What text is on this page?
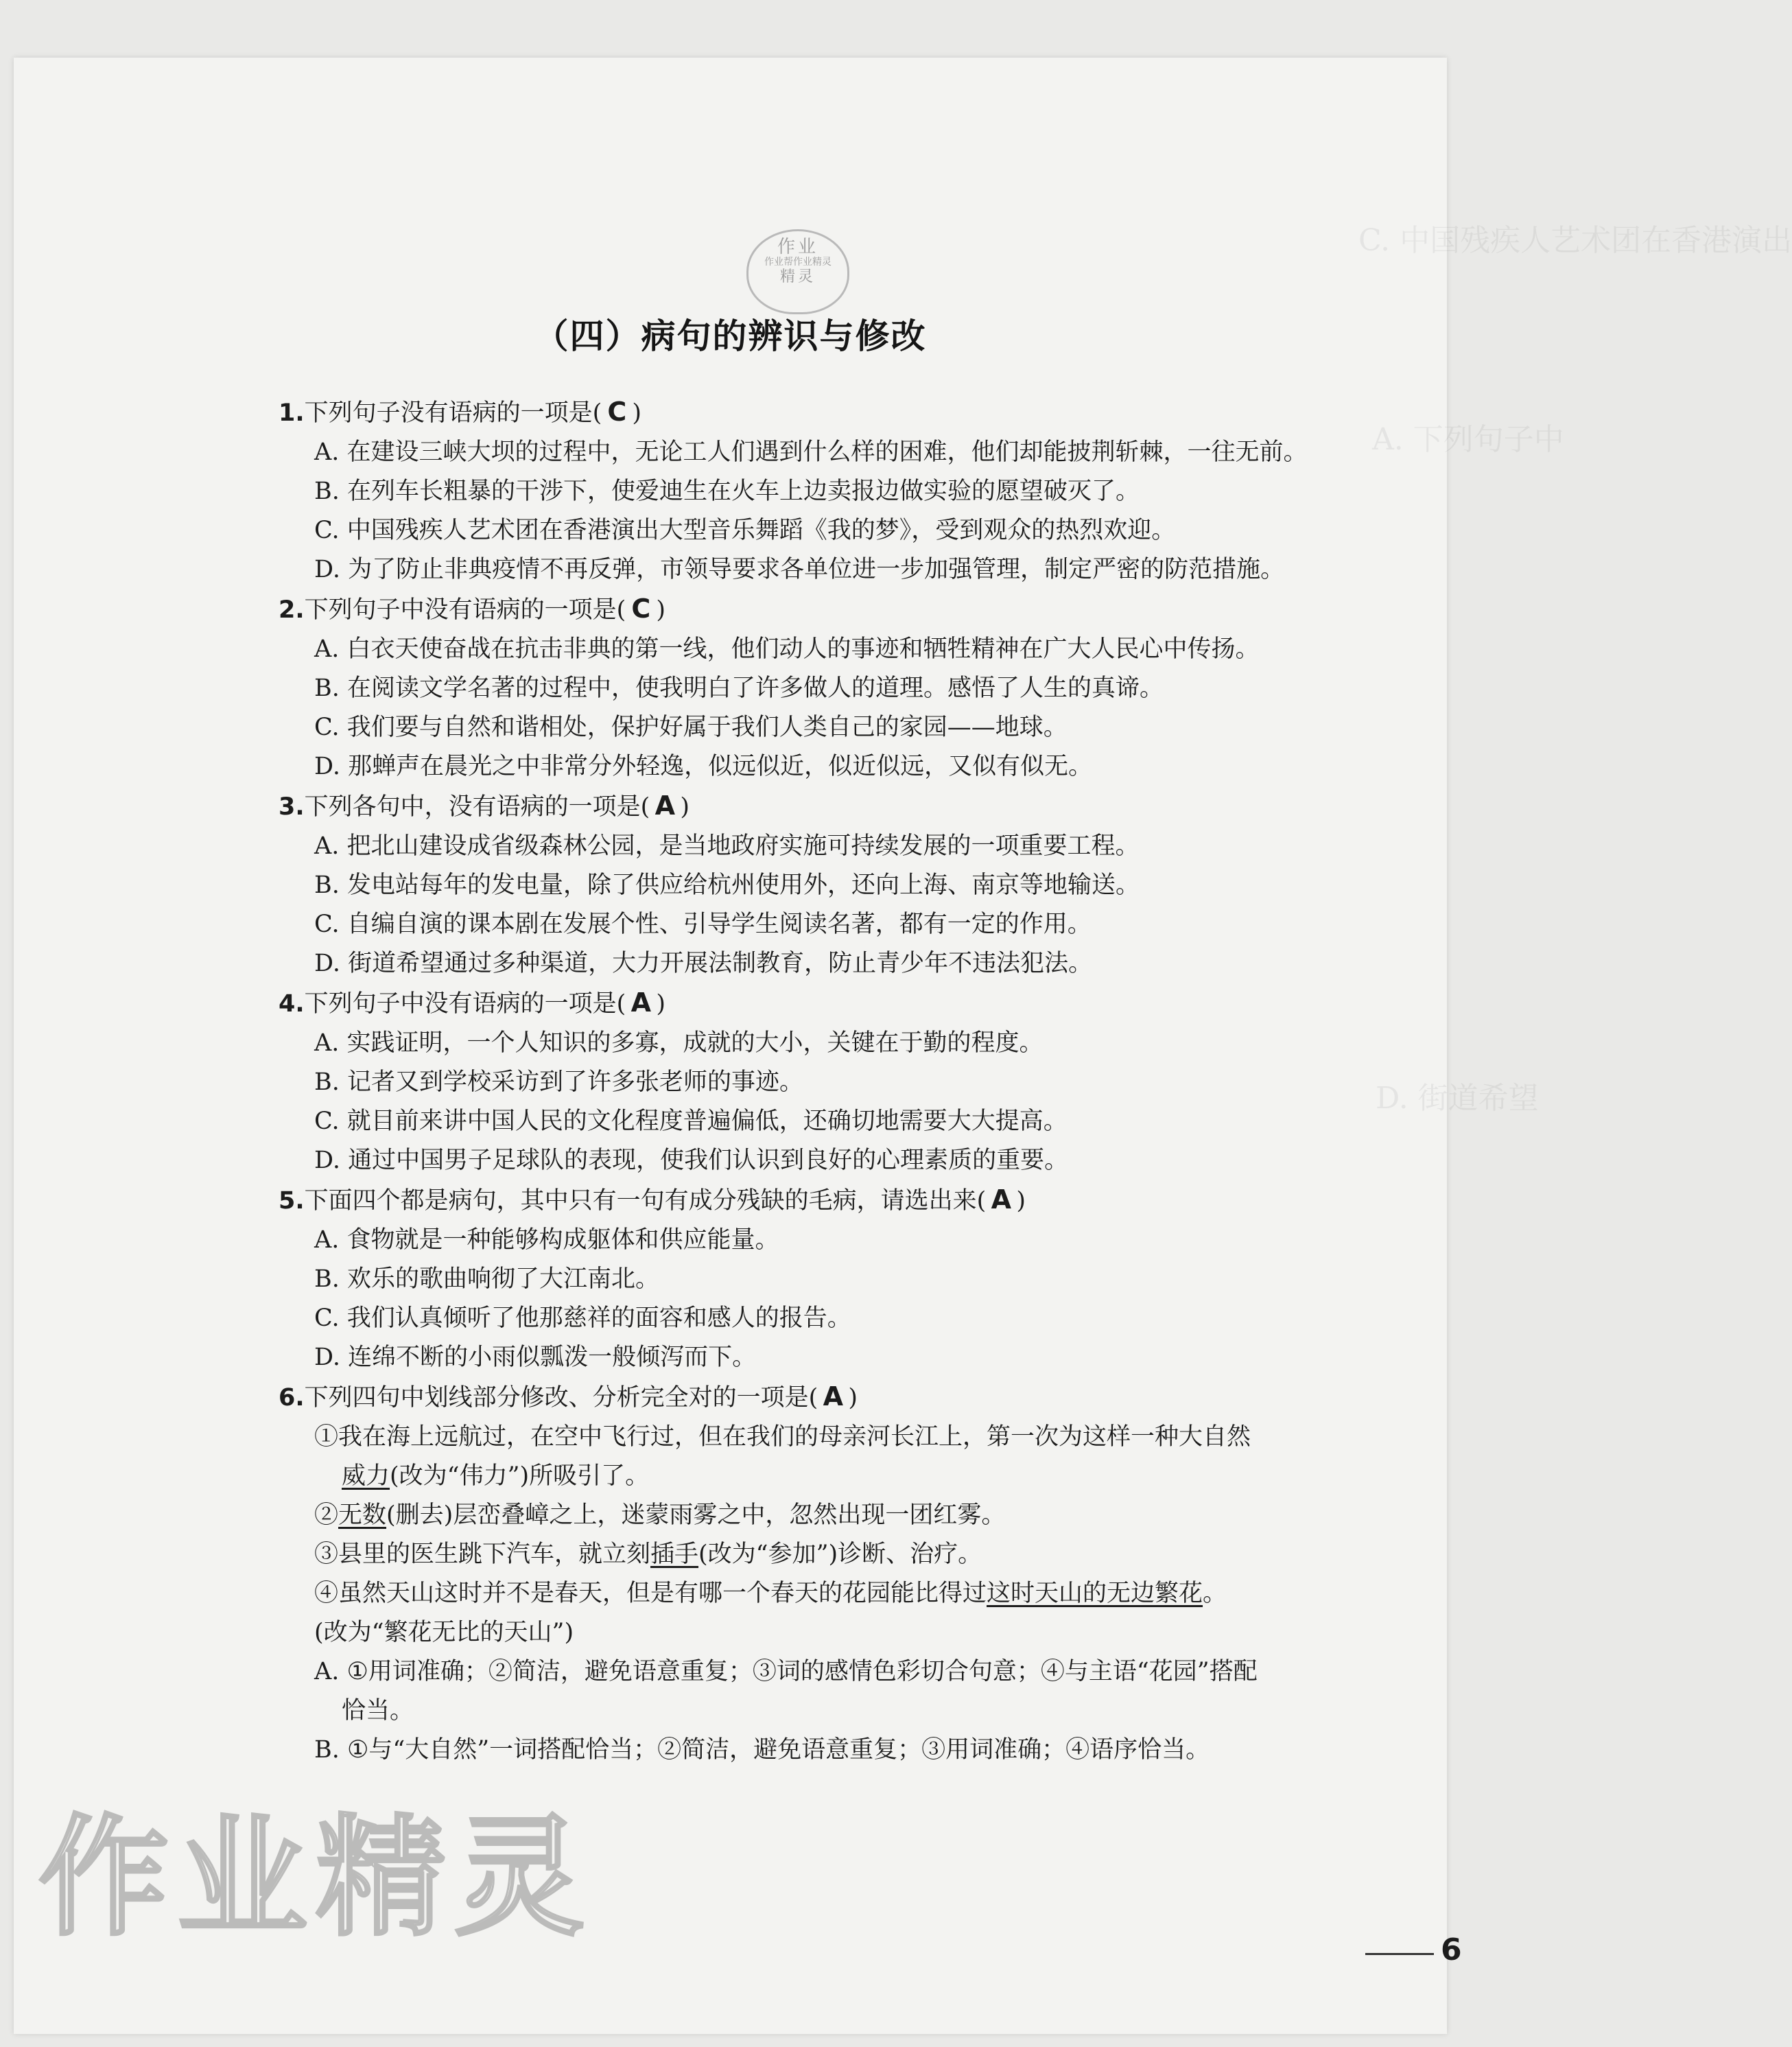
C. 中国残疾人艺术团在香港演出
A. 下列句子中
D. 街道希望
作业
作业帮作业精灵
精灵
（四）病句的辨识与修改
1.下列句子没有语病的一项是( C )
A. 在建设三峡大坝的过程中，无论工人们遇到什么样的困难，他们却能披荆斩棘，一往无前。
B. 在列车长粗暴的干涉下，使爱迪生在火车上边卖报边做实验的愿望破灭了。
C. 中国残疾人艺术团在香港演出大型音乐舞蹈《我的梦》，受到观众的热烈欢迎。
D. 为了防止非典疫情不再反弹，市领导要求各单位进一步加强管理，制定严密的防范措施。
2.下列句子中没有语病的一项是( C )
A. 白衣天使奋战在抗击非典的第一线，他们动人的事迹和牺牲精神在广大人民心中传扬。
B. 在阅读文学名著的过程中，使我明白了许多做人的道理。感悟了人生的真谛。
C. 我们要与自然和谐相处，保护好属于我们人类自己的家园——地球。
D. 那蝉声在晨光之中非常分外轻逸，似远似近，似近似远，又似有似无。
3.下列各句中，没有语病的一项是( A )
A. 把北山建设成省级森林公园，是当地政府实施可持续发展的一项重要工程。
B. 发电站每年的发电量，除了供应给杭州使用外，还向上海、南京等地输送。
C. 自编自演的课本剧在发展个性、引导学生阅读名著，都有一定的作用。
D. 街道希望通过多种渠道，大力开展法制教育，防止青少年不违法犯法。
4.下列句子中没有语病的一项是( A )
A. 实践证明，一个人知识的多寡，成就的大小，关键在于勤的程度。
B. 记者又到学校采访到了许多张老师的事迹。
C. 就目前来讲中国人民的文化程度普遍偏低，还确切地需要大大提高。
D. 通过中国男子足球队的表现，使我们认识到良好的心理素质的重要。
5.下面四个都是病句，其中只有一句有成分残缺的毛病，请选出来( A )
A. 食物就是一种能够构成躯体和供应能量。
B. 欢乐的歌曲响彻了大江南北。
C. 我们认真倾听了他那慈祥的面容和感人的报告。
D. 连绵不断的小雨似瓢泼一般倾泻而下。
6.下列四句中划线部分修改、分析完全对的一项是( A )
①我在海上远航过，在空中飞行过，但在我们的母亲河长江上，第一次为这样一种大自然
威力(改为“伟力”)所吸引了。
②无数(删去)层峦叠嶂之上，迷蒙雨雾之中，忽然出现一团红雾。
③县里的医生跳下汽车，就立刻插手(改为“参加”)诊断、治疗。
④虽然天山这时并不是春天，但是有哪一个春天的花园能比得过这时天山的无边繁花。
(改为“繁花无比的天山”)
A. ①用词准确；②简洁，避免语意重复；③词的感情色彩切合句意；④与主语“花园”搭配
恰当。
B. ①与“大自然”一词搭配恰当；②简洁，避免语意重复；③用词准确；④语序恰当。
作业精灵	6
